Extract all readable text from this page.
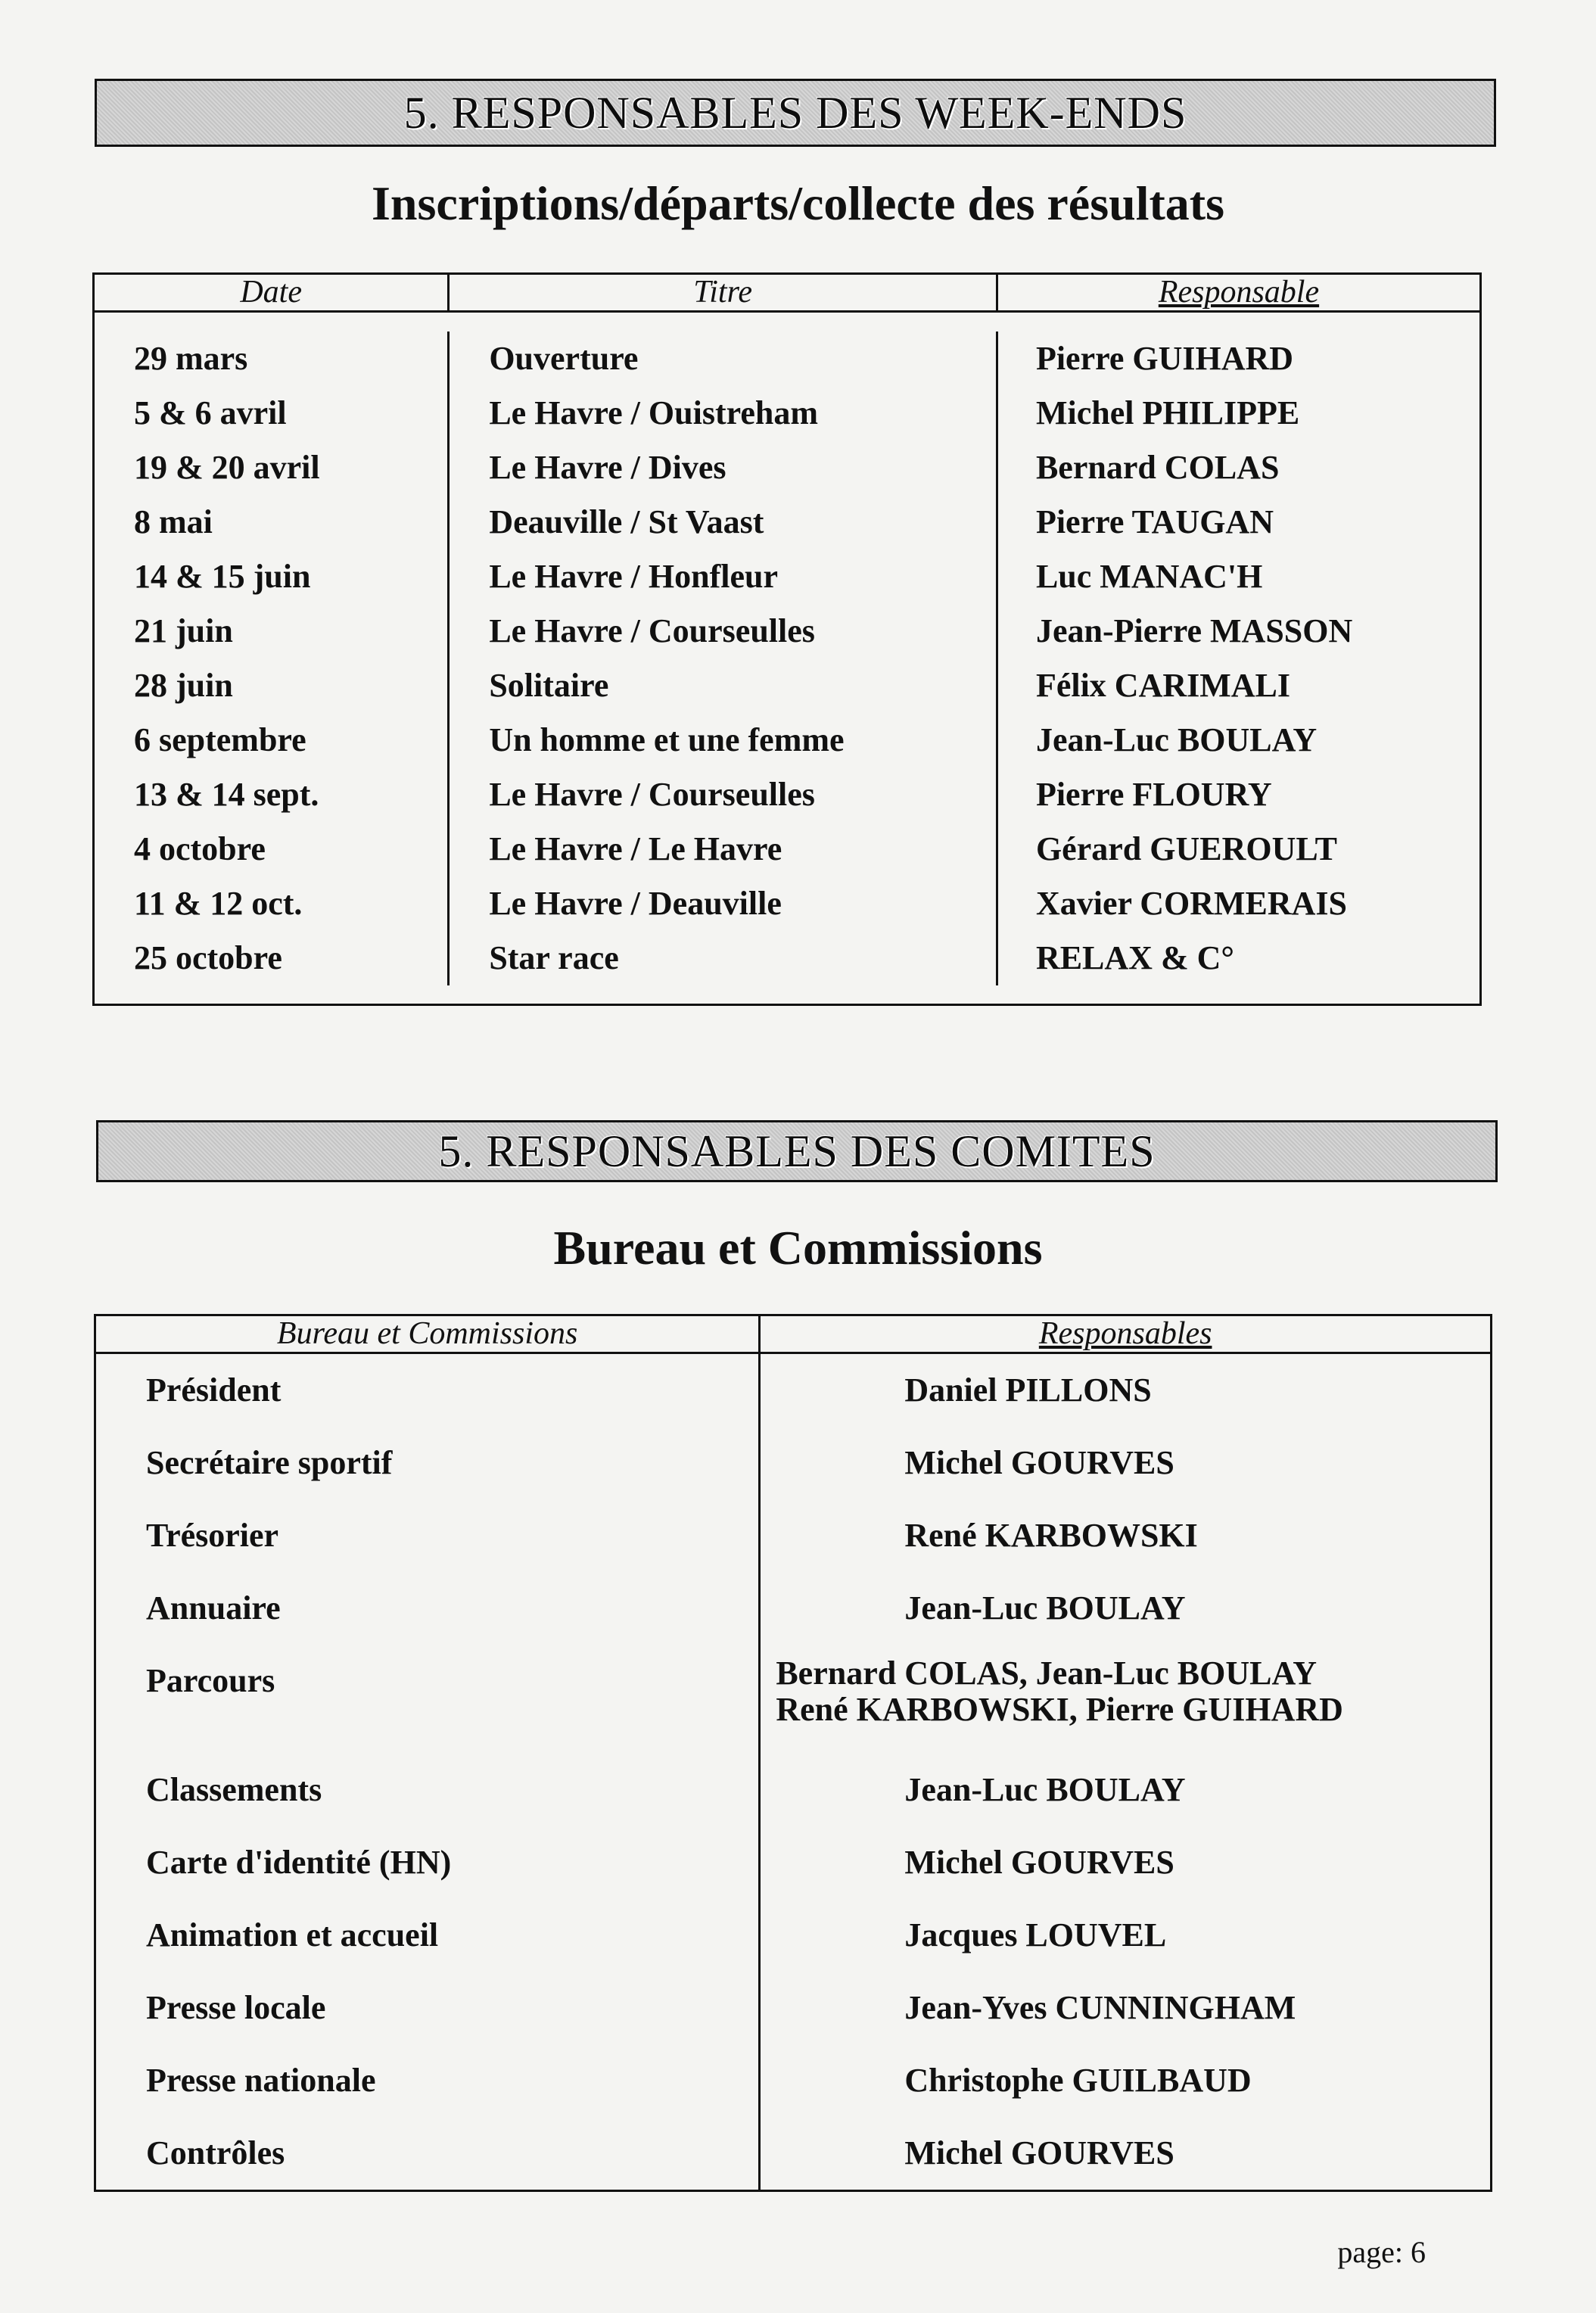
5. RESPONSABLES DES WEEK-ENDS
Inscriptions/départs/collecte des résultats
Date	Titre	Responsable

29 mars	Ouverture	Pierre GUIHARD
5 & 6 avril	Le Havre / Ouistreham	Michel PHILIPPE
19 & 20 avril	Le Havre / Dives	Bernard COLAS
8 mai	Deauville / St Vaast	Pierre TAUGAN
14 & 15 juin	Le Havre / Honfleur	Luc MANAC'H
21 juin	Le Havre / Courseulles	Jean-Pierre MASSON
28 juin	Solitaire	Félix CARIMALI
6 septembre	Un homme et une femme	Jean-Luc BOULAY
13 & 14 sept.	Le Havre / Courseulles	Pierre FLOURY
4 octobre	Le Havre / Le Havre	Gérard GUEROULT
11 & 12 oct.	Le Havre / Deauville	Xavier CORMERAIS
25 octobre	Star race	RELAX & C°

5. RESPONSABLES DES COMITES
Bureau et Commissions
Bureau et Commissions	Responsables
Président	Daniel PILLONS
Secrétaire sportif	Michel GOURVES
Trésorier	René KARBOWSKI
Annuaire	Jean-Luc BOULAY
Parcours	Bernard COLAS, Jean-Luc BOULAY
René KARBOWSKI, Pierre GUIHARD

Classements	Jean-Luc BOULAY
Carte d'identité (HN)	Michel GOURVES
Animation et accueil	Jacques LOUVEL
Presse locale	Jean-Yves CUNNINGHAM
Presse nationale	Christophe GUILBAUD
Contrôles	Michel GOURVES
page: 6
